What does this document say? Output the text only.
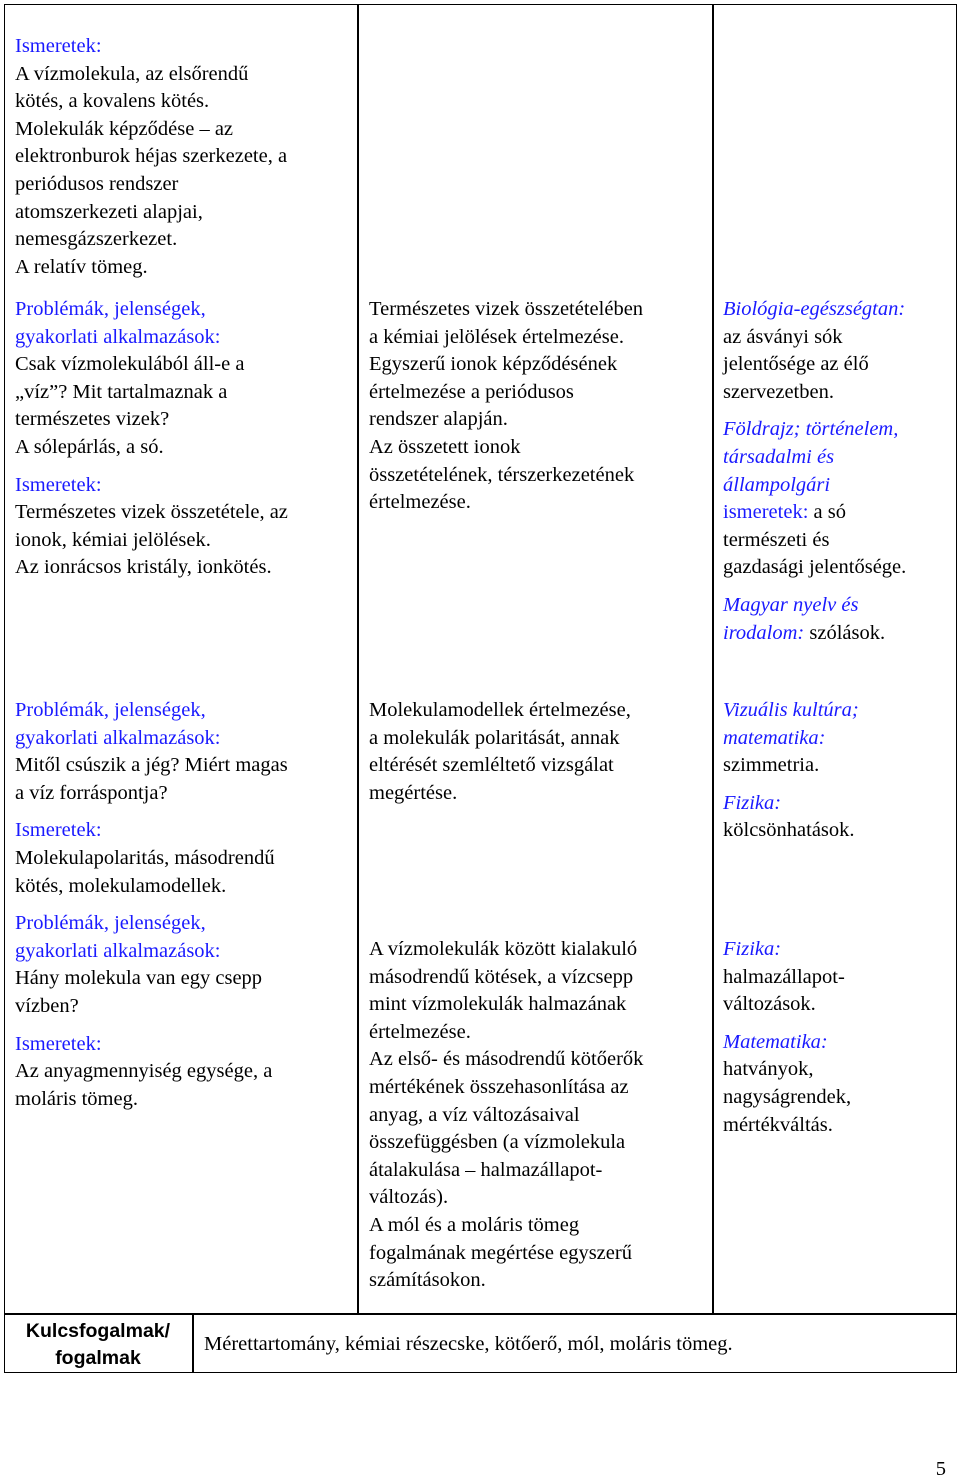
Ismeretek:

A vízmolekula, az elsőrendű

kötés, a kovalens kötés.

Molekulák képződése – az

elektronburok héjas szerkezete, a

periódusos rendszer

atomszerkezeti alapjai,

nemesgázszerkezet.

A relatív tömeg.

Problémák, jelenségek,

gyakorlati alkalmazások:

Csak vízmolekulából áll-e a

„víz”? Mit tartalmaznak a

természetes vizek?

A sólepárlás, a só.

Ismeretek:

Természetes vizek összetétele, az

ionok, kémiai jelölések.

Az ionrácsos kristály, ionkötés.

Problémák, jelenségek,

gyakorlati alkalmazások:

Mitől csúszik a jég? Miért magas

a víz forráspontja?

Ismeretek:

Molekulapolaritás, másodrendű

kötés, molekulamodellek.

Problémák, jelenségek,

gyakorlati alkalmazások:

Hány molekula van egy csepp

vízben?

Ismeretek:

Az anyagmennyiség egysége, a

moláris tömeg.

Természetes vizek összetételében

a kémiai jelölések értelmezése.

Egyszerű ionok képződésének

értelmezése a periódusos

rendszer alapján.

Az összetett ionok

összetételének, térszerkezetének

értelmezése.

Molekulamodellek értelmezése,

a molekulák polaritását, annak

eltérését szemléltető vizsgálat

megértése.

A vízmolekulák között kialakuló

másodrendű kötések, a vízcsepp

mint vízmolekulák halmazának

értelmezése.

Az első- és másodrendű kötőerők

mértékének összehasonlítása az

anyag, a víz változásaival

összefüggésben (a vízmolekula

átalakulása – halmazállapot-

változás).

A mól és a moláris tömeg

fogalmának megértése egyszerű

számításokon.

Biológia-egészségtan:

az ásványi sók

jelentősége az élő

szervezetben.

Földrajz; történelem,

társadalmi és

állampolgári

ismeretek: a só

természeti és

gazdasági jelentősége.

Magyar nyelv és

irodalom: szólások.

Vizuális kultúra;

matematika:

szimmetria.

Fizika:

kölcsönhatások.

Fizika:

halmazállapot-

változások.

Matematika:

hatványok,

nagyságrendek,

mértékváltás.

Kulcsfogalmak/

fogalmak

Mérettartomány, kémiai részecske, kötőerő, mól, moláris tömeg.

5
